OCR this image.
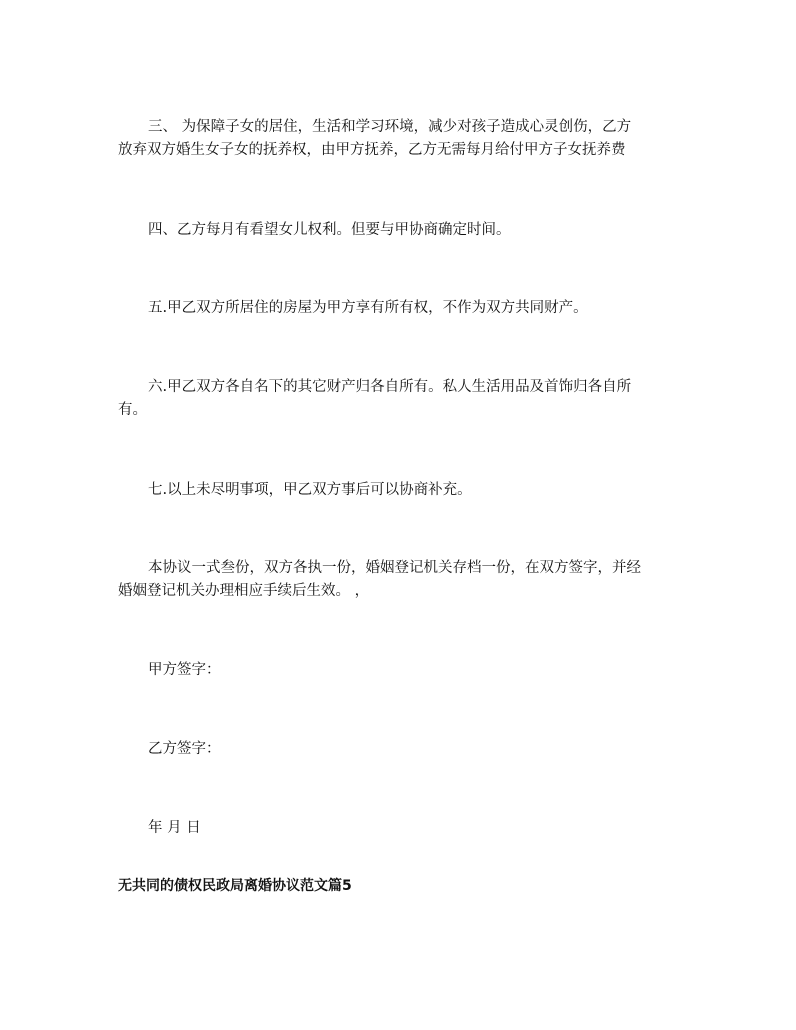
三、 为保障子女的居住，生活和学习环境，减少对孩子造成心灵创伤，乙方
放弃双方婚生女子女的抚养权，由甲方抚养，乙方无需每月给付甲方子女抚养费
四、乙方每月有看望女儿权利。但要与甲协商确定时间。
五.甲乙双方所居住的房屋为甲方享有所有权，不作为双方共同财产。
六.甲乙双方各自名下的其它财产归各自所有。私人生活用品及首饰归各自所
有。
七.以上未尽明事项，甲乙双方事后可以协商补充。
本协议一式叁份，双方各执一份，婚姻登记机关存档一份，在双方签字，并经
婚姻登记机关办理相应手续后生效。 ，
甲方签字：
乙方签字：
年 月 日
无共同的债权民政局离婚协议范文篇5
